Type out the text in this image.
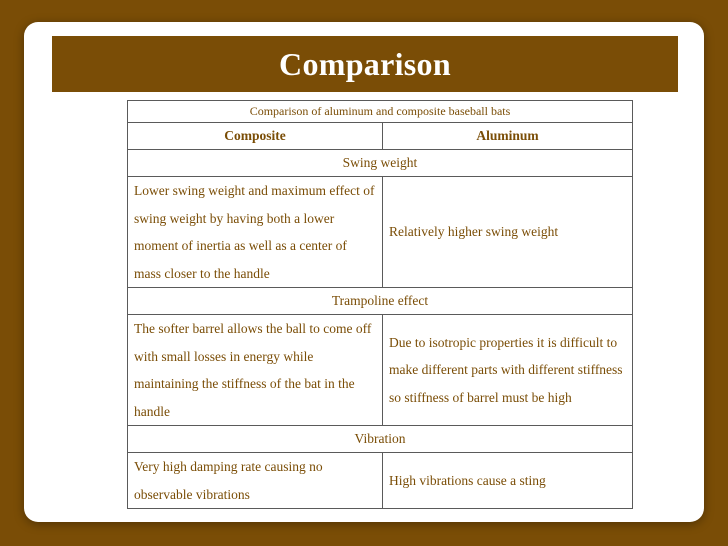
Comparison
Comparison of aluminum and composite baseball bats	
Composite	Aluminum
Swing weight	
Lower swing weight and maximum effect of swing weight by having both a lower moment of inertia as well as a center of mass closer to the handle	Relatively higher swing weight
Trampoline effect	
The softer barrel allows the ball to come off with small losses in energy while maintaining the stiffness of the bat in the handle	Due to isotropic properties it is difficult to make different parts with different stiffness so stiffness of barrel must be high
Vibration	
Very high damping rate causing no observable vibrations	High vibrations cause a sting
